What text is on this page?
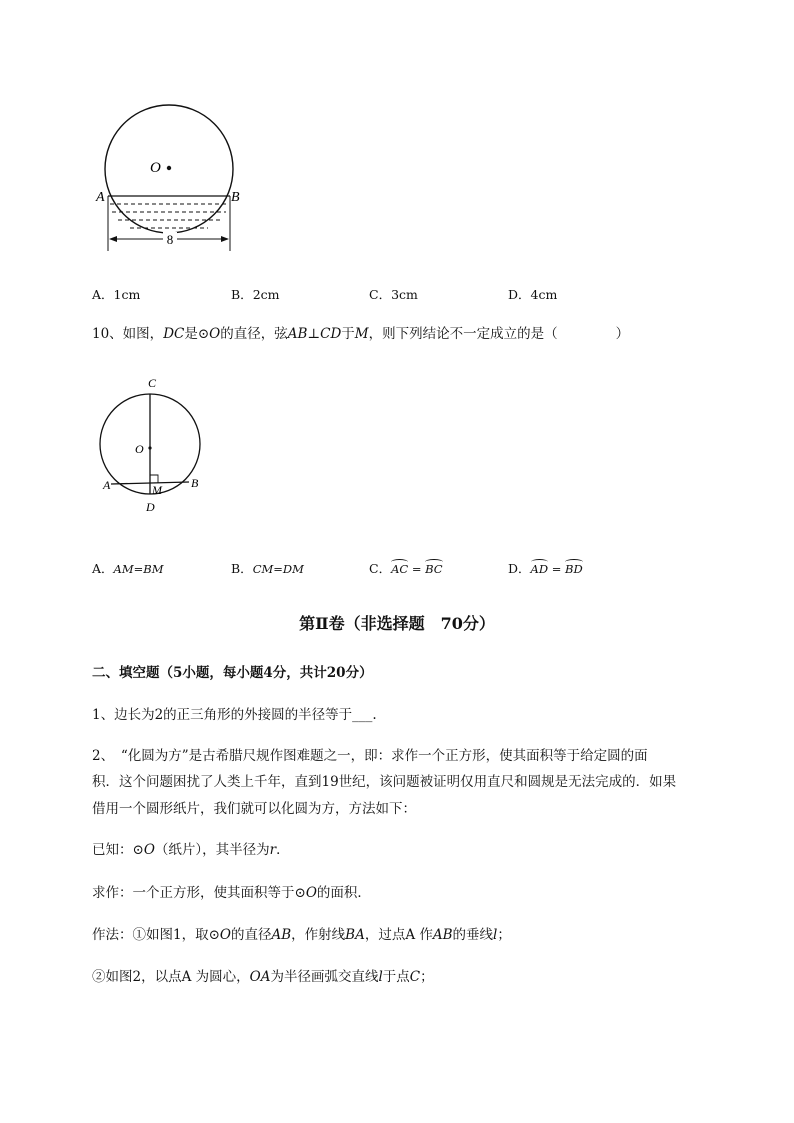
8
O
A	B
A．1cm	B．2cm	C．3cm	D．4cm
10、如图，DC是⊙O的直径，弦AB⊥CD于M，则下列结论不一定成立的是（	）
C
O
A	M B
D
A．AM=BM	B．CM=DM	C．AC = BC	D．AD = BD
第Ⅱ卷（非选择题　70分）
二、填空题（5小题，每小题4分，共计20分）
1、边长为2的正三角形的外接圆的半径等于___.
2、　“化圆为方”是古希腊尺规作图难题之一，即：求作一个正方形，使其面积等于给定圆的面
积．这个问题困扰了人类上千年，直到19世纪，该问题被证明仅用直尺和圆规是无法完成的．如果
借用一个圆形纸片，我们就可以化圆为方，方法如下：
已知：⊙O（纸片），其半径为r．
求作：一个正方形，使其面积等于⊙O的面积．
作法：①如图1，取⊙O的直径AB，作射线BA，过点A 作AB的垂线l；
②如图2，以点A 为圆心，OA为半径画弧交直线l于点C；
